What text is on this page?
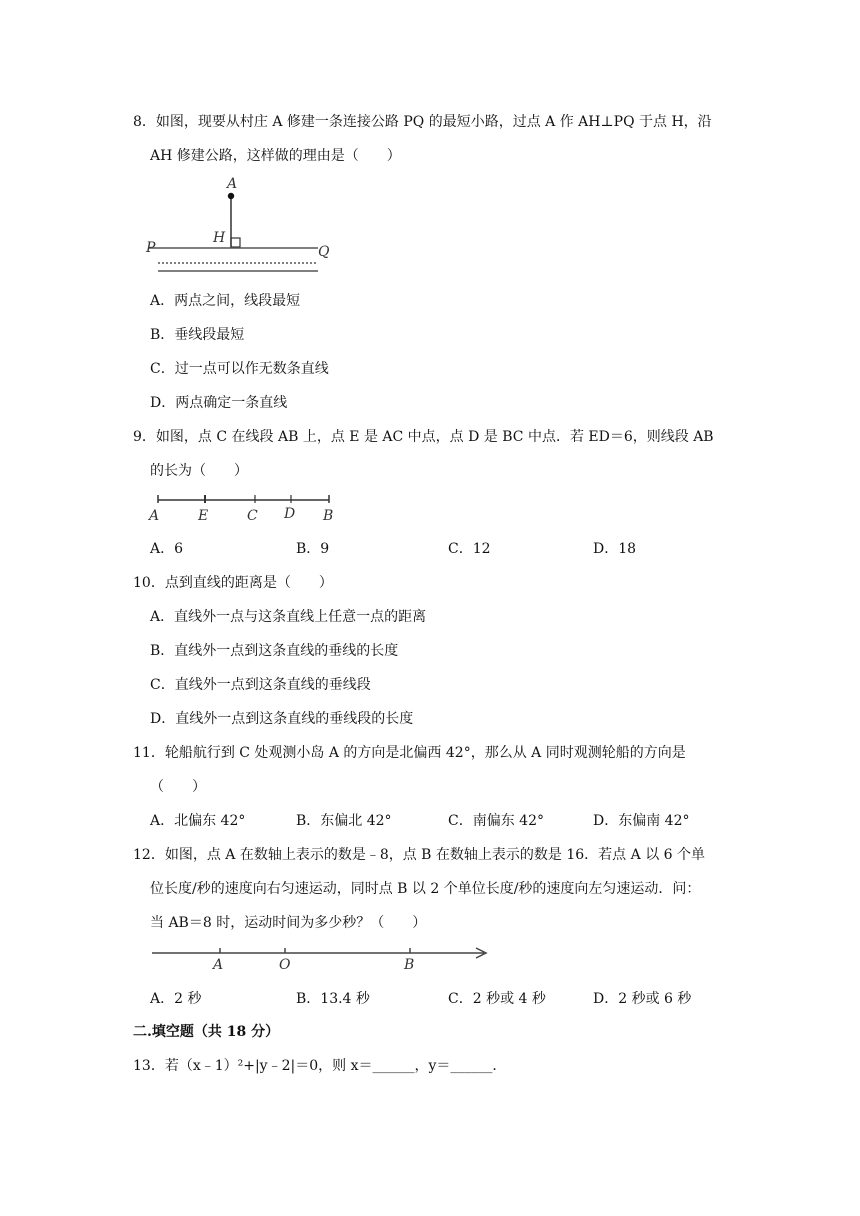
8．如图，现要从村庄 A 修建一条连接公路 PQ 的最短小路，过点 A 作 AH⊥PQ 于点 H，沿
AH 修建公路，这样做的理由是（　　）
A
H
P	Q
A．两点之间，线段最短
B．垂线段最短
C．过一点可以作无数条直线
D．两点确定一条直线
9．如图，点 C 在线段 AB 上，点 E 是 AC 中点，点 D 是 BC 中点．若 ED＝6，则线段 AB
的长为（　　）
A	E	C D B
A．6	B．9	C．12	D．18
10．点到直线的距离是（　　）
A．直线外一点与这条直线上任意一点的距离
B．直线外一点到这条直线的垂线的长度
C．直线外一点到这条直线的垂线段
D．直线外一点到这条直线的垂线段的长度
11．轮船航行到 C 处观测小岛 A 的方向是北偏西 42°，那么从 A 同时观测轮船的方向是
（　　）
A．北偏东 42°	B．东偏北 42°	C．南偏东 42°	D．东偏南 42°
12．如图，点 A 在数轴上表示的数是﹣8，点 B 在数轴上表示的数是 16．若点 A 以 6 个单
位长度/秒的速度向右匀速运动，同时点 B 以 2 个单位长度/秒的速度向左匀速运动．问：
当 AB＝8 时，运动时间为多少秒？（　　）
A	O	B
A．2 秒	B．13.4 秒	C．2 秒或 4 秒	D．2 秒或 6 秒
二.填空题（共 18 分）
13．若（x﹣1）²+|y﹣2|＝0，则 x＝______，y＝______．
